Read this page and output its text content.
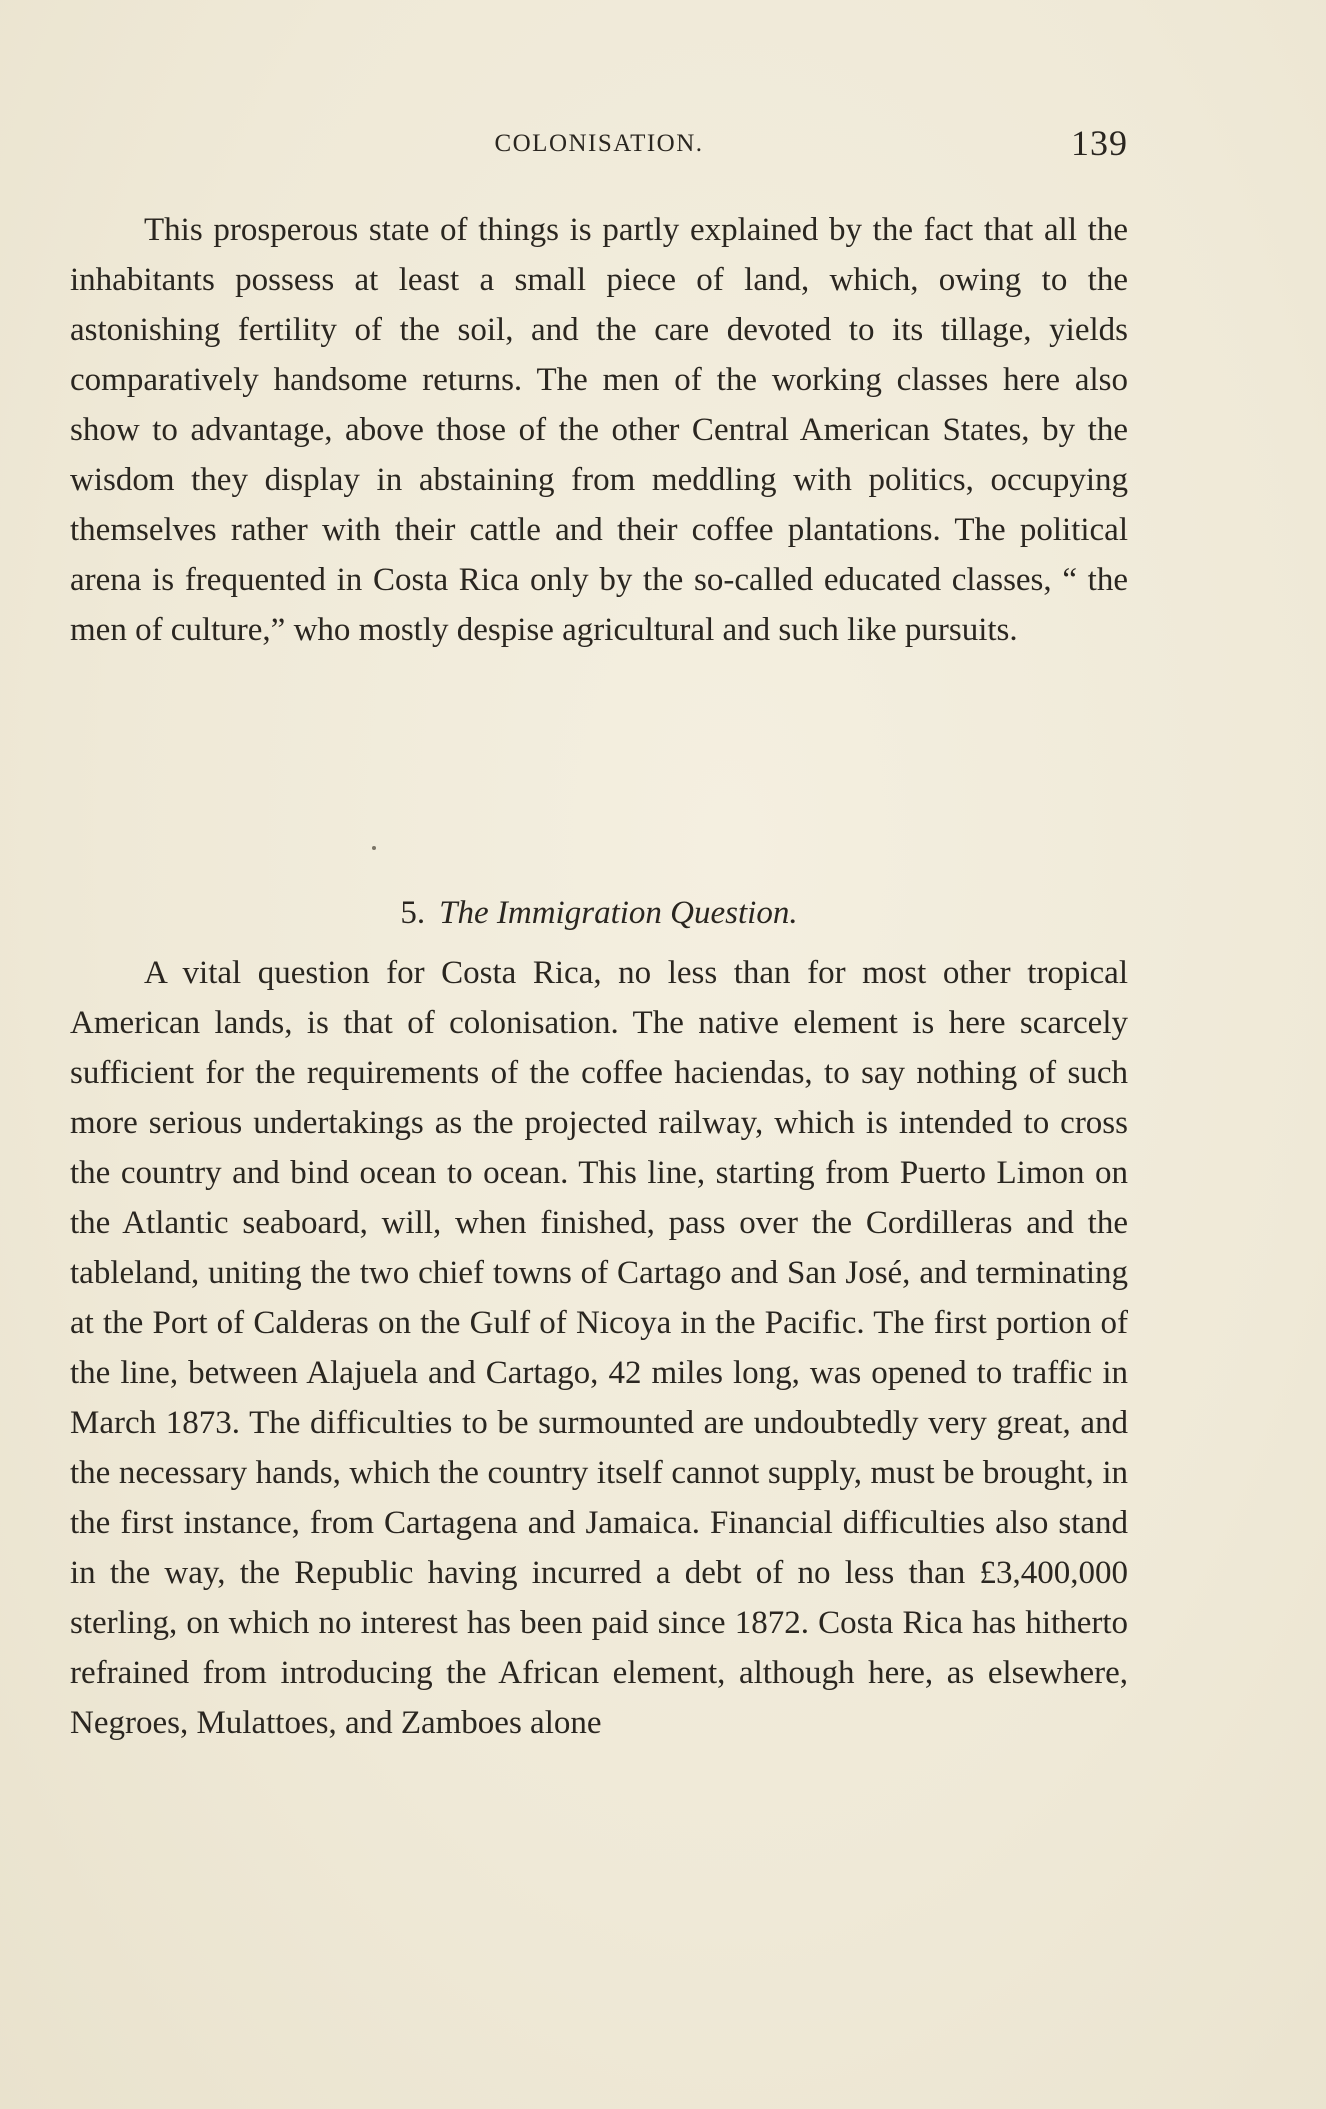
COLONISATION.	139

This prosperous state of things is partly explained by the fact that all the inhabitants possess at least a small piece of land, which, owing to the astonishing fertility of the soil, and the care devoted to its tillage, yields comparatively handsome returns. The men of the working classes here also show to advantage, above those of the other Central American States, by the wisdom they display in abstaining from meddling with politics, occupying themselves rather with their cattle and their coffee plantations. The political arena is frequented in Costa Rica only by the so-called educated classes, “ the men of culture,” who mostly despise agricultural and such like pursuits.

5. The Immigration Question.

A vital question for Costa Rica, no less than for most other tropical American lands, is that of colonisation. The native element is here scarcely sufficient for the requirements of the coffee haciendas, to say nothing of such more serious undertakings as the projected railway, which is intended to cross the country and bind ocean to ocean. This line, starting from Puerto Limon on the Atlantic seaboard, will, when finished, pass over the Cordilleras and the tableland, uniting the two chief towns of Cartago and San José, and terminating at the Port of Calderas on the Gulf of Nicoya in the Pacific. The first portion of the line, between Alajuela and Cartago, 42 miles long, was opened to traffic in March 1873. The difficulties to be surmounted are undoubtedly very great, and the necessary hands, which the country itself cannot supply, must be brought, in the first instance, from Cartagena and Jamaica. Financial difficulties also stand in the way, the Republic having incurred a debt of no less than £3,400,000 sterling, on which no interest has been paid since 1872. Costa Rica has hitherto refrained from introducing the African element, although here, as elsewhere, Negroes, Mulattoes, and Zamboes alone
